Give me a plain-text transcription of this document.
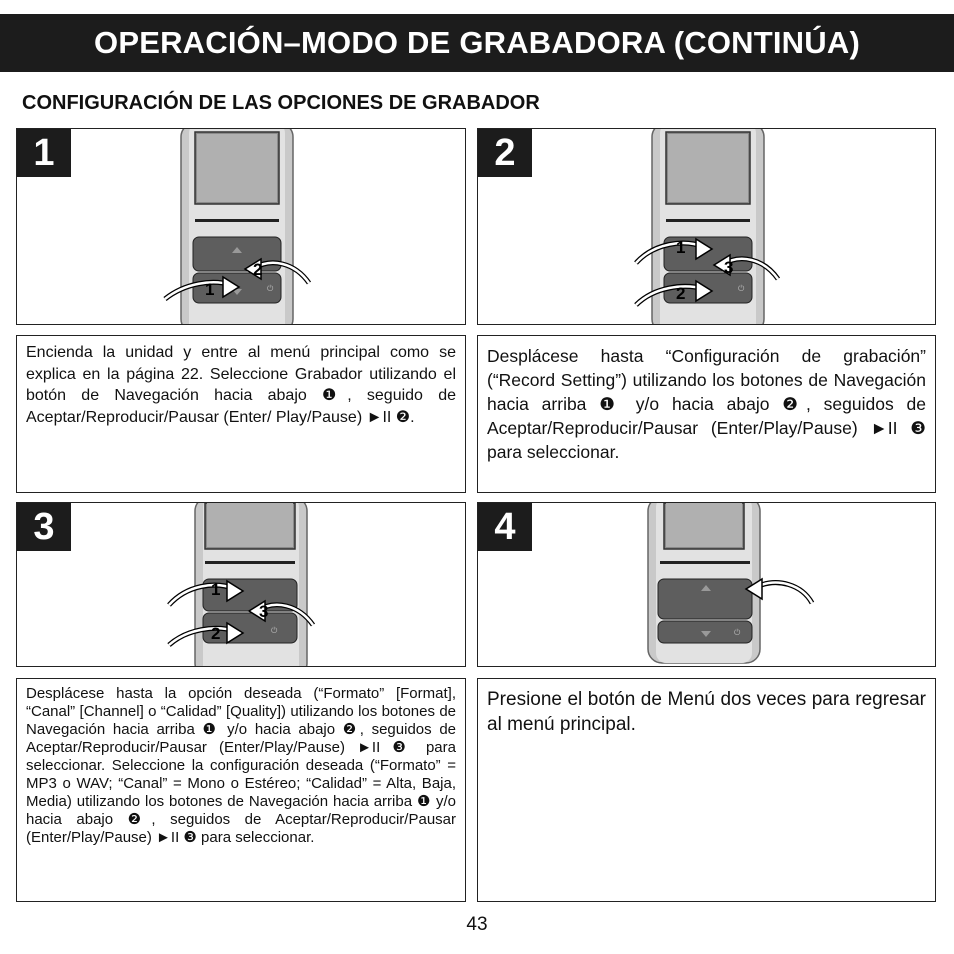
OPERACIÓN–MODO DE GRABADORA (CONTINÚA)
CONFIGURACIÓN DE LAS OPCIONES DE GRABADOR
1
⏻
2
1
2
⏻
1
3
2
Encienda la unidad y entre al menú principal como se explica en la página 22. Seleccione Grabador utilizando el botón de Navegación hacia abajo ❶, seguido de Aceptar/Reproducir/Pausar (Enter/ Play/Pause) ►II ❷.
Desplácese hasta “Configuración de grabación” (“Record Setting”) utilizando los botones de Navegación hacia arriba ❶ y/o hacia abajo ❷, seguidos de Aceptar/Reproducir/Pausar (Enter/Play/Pause) ►II ❸ para seleccionar.
3
⏻
1
3
2
4
⏻
Desplácese hasta la opción deseada (“Formato” [Format], “Canal” [Channel] o “Calidad” [Quality]) utilizando los botones de Navegación hacia arriba ❶ y/o hacia abajo ❷, seguidos de Aceptar/Reproducir/Pausar (Enter/Play/Pause) ►II ❸ para seleccionar. Seleccione la configuración deseada (“Formato” = MP3 o WAV; “Canal” = Mono o Estéreo; “Calidad” = Alta, Baja, Media) utilizando los botones de Navegación hacia arriba ❶ y/o hacia abajo ❷, seguidos de Aceptar/Reproducir/Pausar (Enter/Play/Pause) ►II ❸ para seleccionar.
Presione el botón de Menú dos veces para regresar al menú principal.
43
